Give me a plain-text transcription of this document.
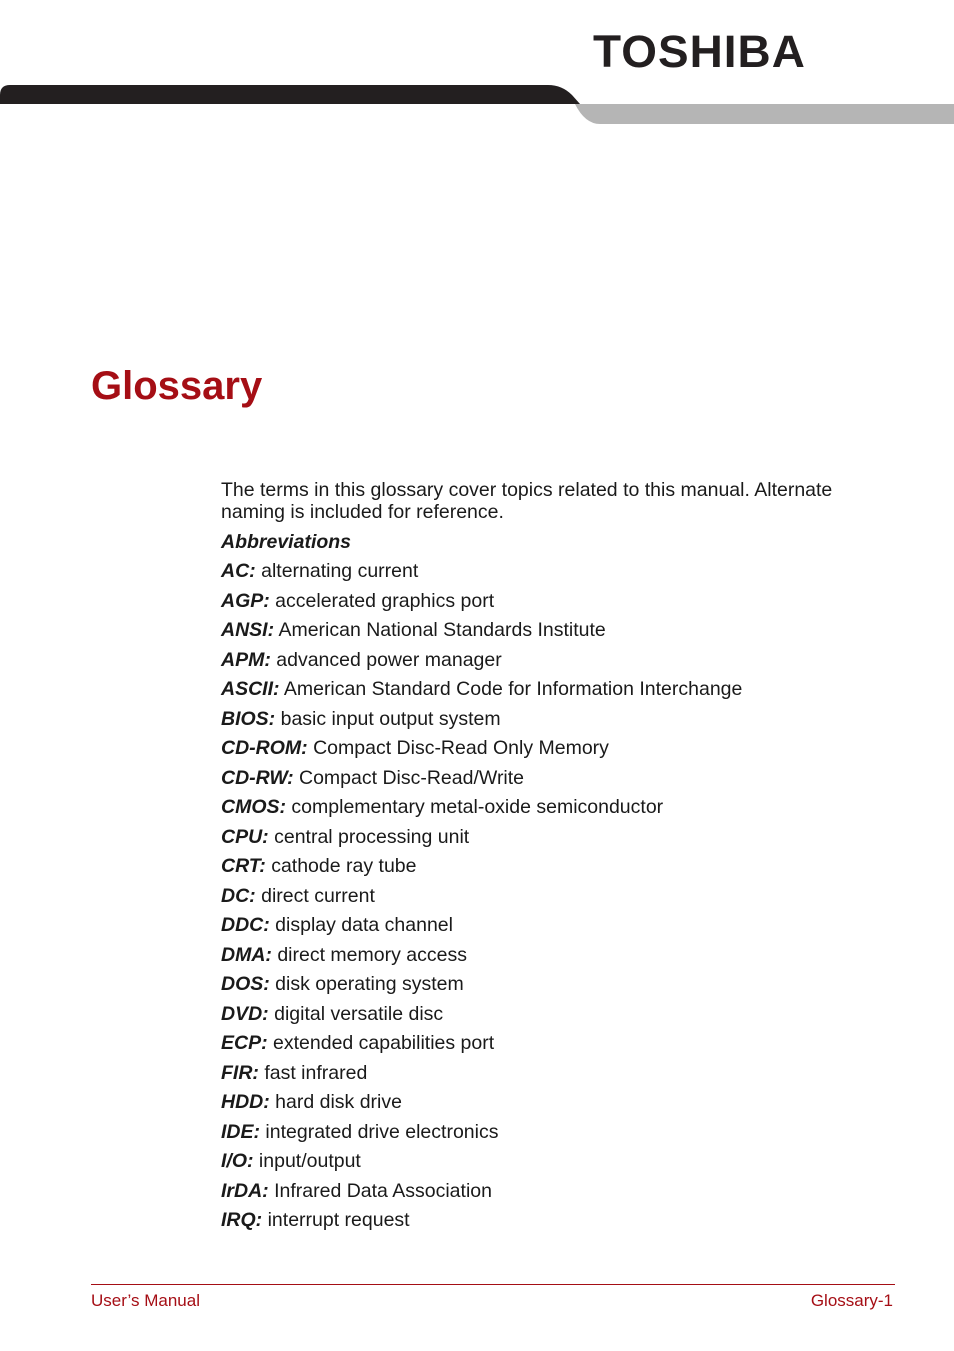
TOSHIBA
Glossary

The terms in this glossary cover topics related to this manual. Alternate naming is included for reference.

Abbreviations
AC: alternating current
AGP: accelerated graphics port
ANSI: American National Standards Institute
APM: advanced power manager
ASCII: American Standard Code for Information Interchange
BIOS: basic input output system
CD-ROM: Compact Disc-Read Only Memory
CD-RW: Compact Disc-Read/Write
CMOS: complementary metal-oxide semiconductor
CPU: central processing unit
CRT: cathode ray tube
DC: direct current
DDC: display data channel
DMA: direct memory access
DOS: disk operating system
DVD: digital versatile disc
ECP: extended capabilities port
FIR: fast infrared
HDD: hard disk drive
IDE: integrated drive electronics
I/O: input/output
IrDA: Infrared Data Association
IRQ: interrupt request
User’s Manual	Glossary-1
